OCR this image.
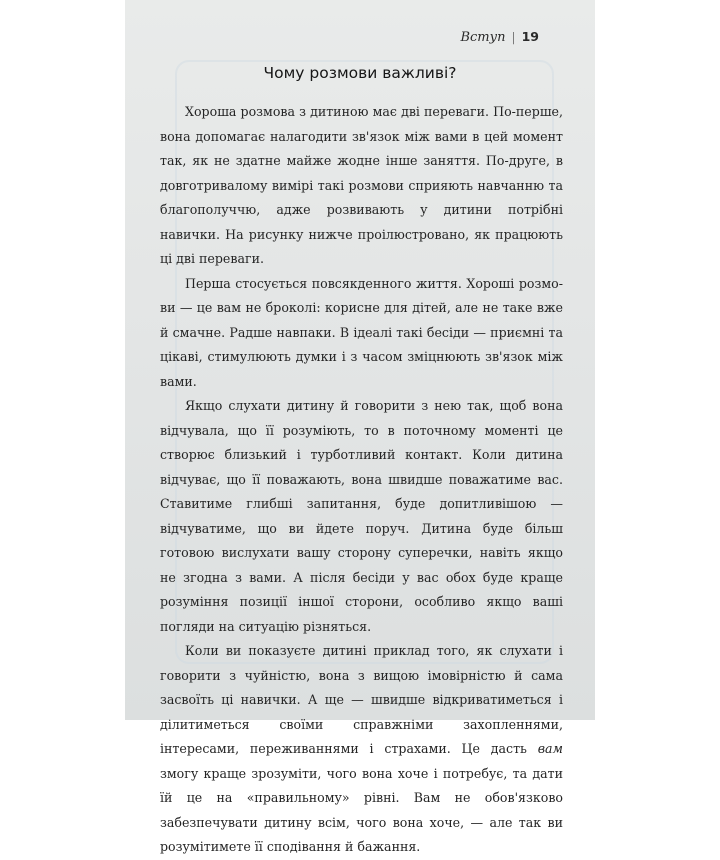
Вступ | 19
Чому розмови важливі?

Хороша розмова з дитиною має дві переваги. По-перше, вона допомагає налагодити зв'язок між вами в цей момент так, як не здатне майже жодне інше заняття. По-друге, в довготривалому вимірі такі розмови сприяють навчанню та благополуччю, адже розвивають у дитини потрібні навички. На рисунку нижче проілюстровано, як працюють ці дві переваги.

Перша стосується повсякденного життя. Хороші розмови — це вам не броколі: корисне для дітей, але не таке вже й смачне. Радше навпаки. В ідеалі такі бесіди — приємні та цікаві, стимулюють думки і з часом зміцнюють зв'язок між вами.

Якщо слухати дитину й говорити з нею так, щоб вона відчувала, що її розуміють, то в поточному моменті це створює близький і турботливий контакт. Коли дитина відчуває, що її поважають, вона швидше поважатиме вас. Ставитиме глибші запитання, буде допитливішою — відчуватиме, що ви йдете поруч. Дитина буде більш готовою вислухати вашу сторону суперечки, навіть якщо не згодна з вами. А після бесіди у вас обох буде краще розуміння позиції іншої сторони, особливо якщо ваші погляди на ситуацію різняться.

Коли ви показуєте дитині приклад того, як слухати і говорити з чуйністю, вона з вищою імовірністю й сама засвоїть ці навички. А ще — швидше відкриватиметься і ділитиметься своїми справжніми захопленнями, інтересами, переживаннями і страхами. Це дасть вам змогу краще зрозуміти, чого вона хоче і потребує, та дати їй це на «правильному» рівні. Вам не обов'язково забезпечувати дитину всім, чого вона хоче, — але так ви розумітимете її сподівання й бажання.
